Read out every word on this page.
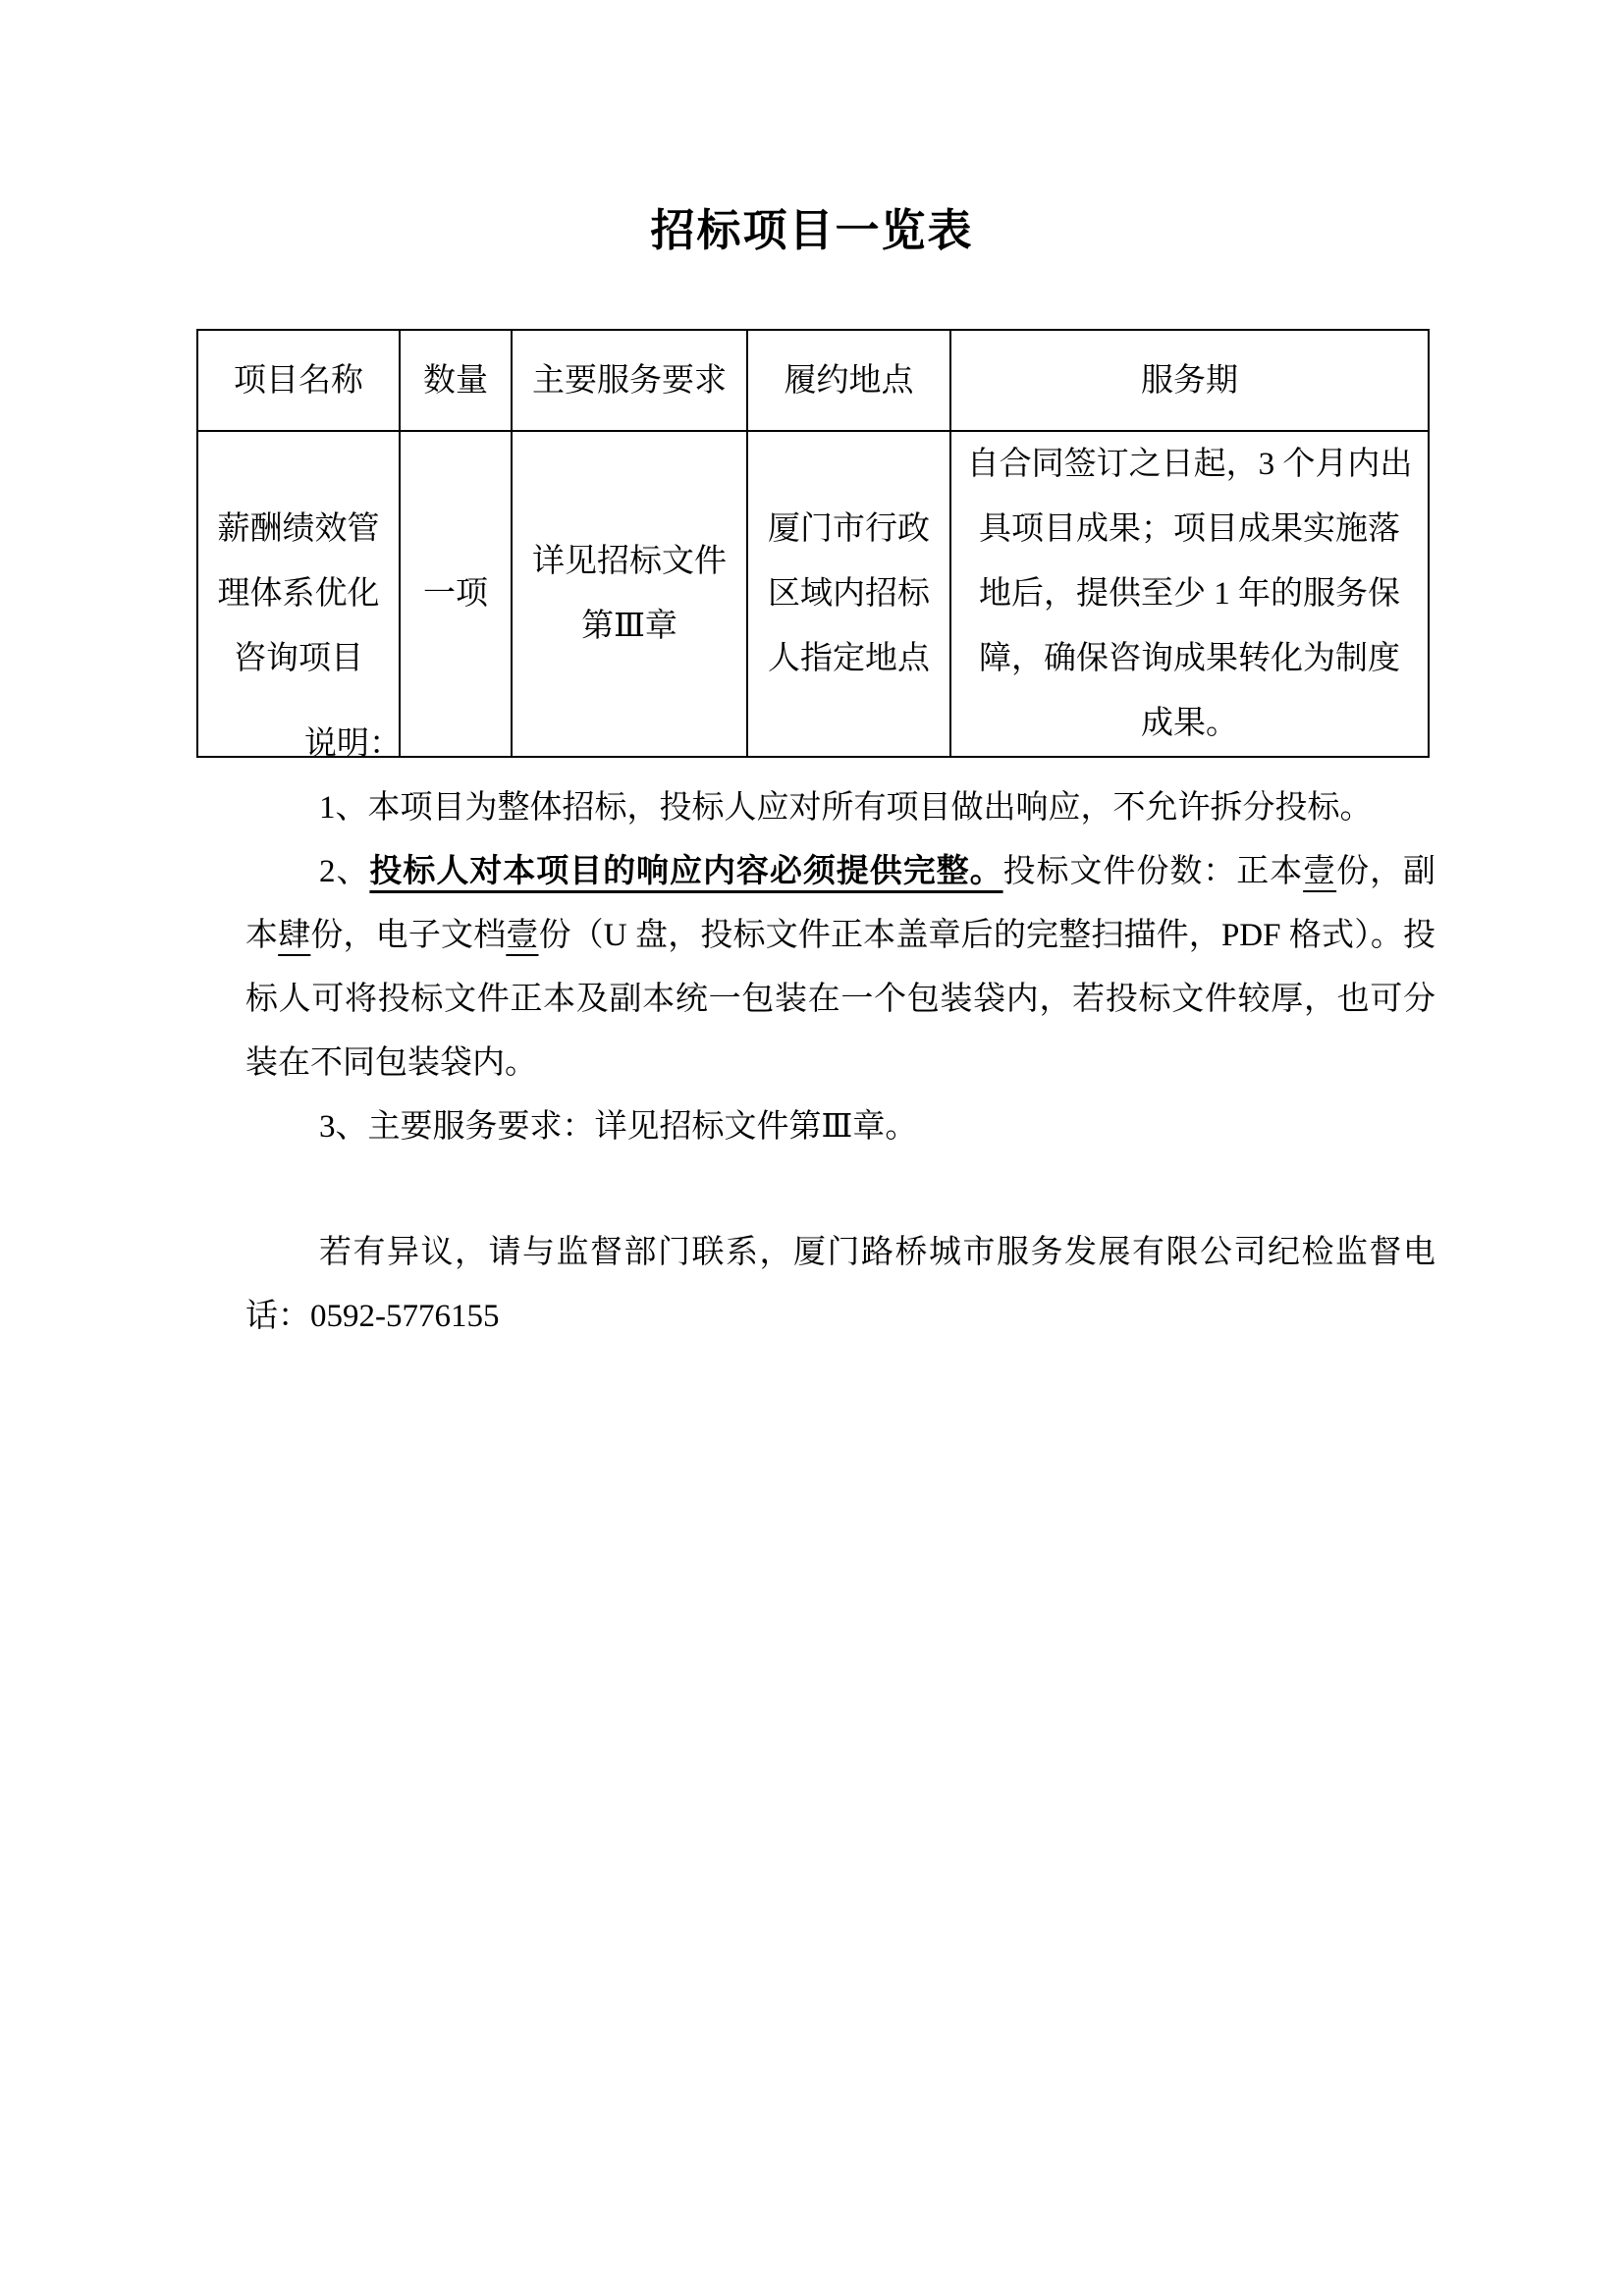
招标项目一览表
项目名称	数量	主要服务要求	履约地点	服务期
薪酬绩效管理体系优化咨询项目	一项	详见招标文件第Ⅲ章	厦门市行政区域内招标人指定地点	自合同签订之日起，3 个月内出具项目成果；项目成果实施落地后，提供至少 1 年的服务保障，确保咨询成果转化为制度成果。

说明：

1、本项目为整体招标，投标人应对所有项目做出响应，不允许拆分投标。

2、投标人对本项目的响应内容必须提供完整。投标文件份数：正本壹份，副本肆份，电子文档壹份（U 盘，投标文件正本盖章后的完整扫描件，PDF 格式）。投标人可将投标文件正本及副本统一包装在一个包装袋内，若投标文件较厚，也可分装在不同包装袋内。

3、主要服务要求：详见招标文件第Ⅲ章。

若有异议，请与监督部门联系，厦门路桥城市服务发展有限公司纪检监督电话：0592-5776155
